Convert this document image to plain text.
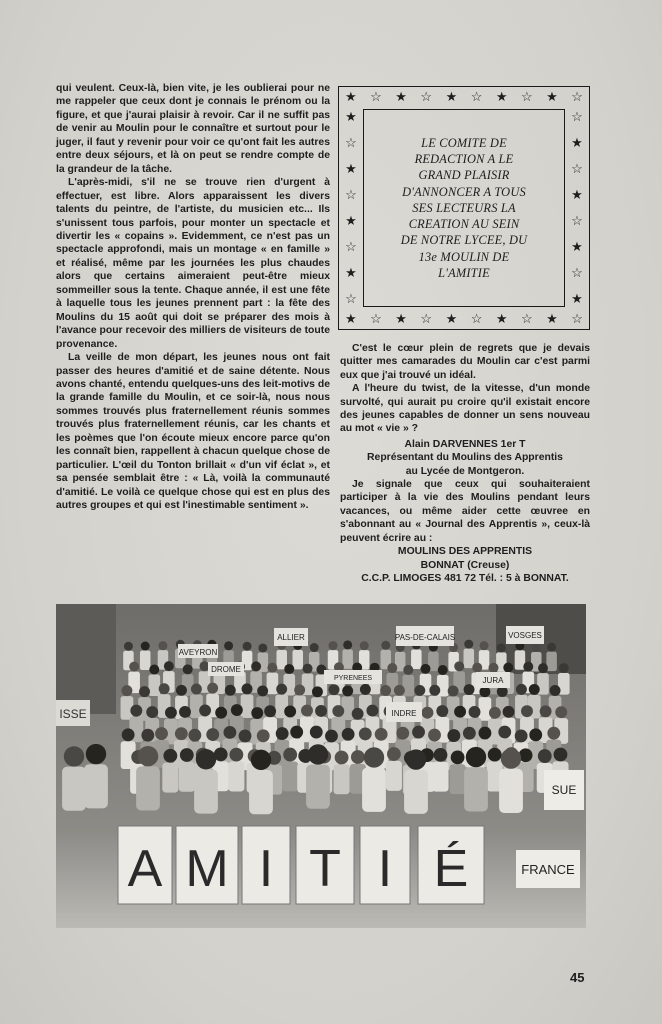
qui veulent. Ceux-là, bien vite, je les oublierai pour ne me rappeler que ceux dont je connais le prénom ou la figure, et que j'aurai plaisir à revoir. Car il ne suffit pas de venir au Moulin pour le connaître et surtout pour le juger, il faut y revenir pour voir ce qu'ont fait les autres entre deux séjours, et là on peut se rendre compte de la grandeur de la tâche.

L'après-midi, s'il ne se trouve rien d'urgent à effectuer, est libre. Alors apparaissent les divers talents du peintre, de l'artiste, du musicien etc... Ils s'unissent tous parfois, pour monter un spectacle et divertir les « copains ». Evidemment, ce n'est pas un spectacle approfondi, mais un montage « en famille » et réalisé, même par les journées les plus chaudes alors que certains aimeraient peut-être mieux sommeiller sous la tente. Chaque année, il est une fête à laquelle tous les jeunes prennent part : la fête des Moulins du 15 août qui doit se préparer des mois à l'avance pour recevoir des milliers de visiteurs de toute provenance.

La veille de mon départ, les jeunes nous ont fait passer des heures d'amitié et de saine détente. Nous avons chanté, entendu quelques-uns des leit-motivs de la grande famille du Moulin, et ce soir-là, nous nous sommes trouvés plus fraternellement réunis sommes trouvés plus fraternellement réunis, car les chants et les poèmes que l'on écoute mieux encore parce qu'on les connaît bien, rappellent à chacun quelque chose de particulier. L'œil du Tonton brillait « d'un vif éclat », et sa pensée semblait être : « Là, voilà la communauté d'amitié. Le voilà ce quelque chose qui est en plus des autres groupes et qui est l'inestimable sentiment ».

★ ☆ ★ ☆ ★ ☆ ★ ☆ ★ ☆
★
☆
★
☆
★
☆
★
☆
☆
★
☆
★
☆
★
☆
★
LE COMITE DE
REDACTION A LE
GRAND PLAISIR
D'ANNONCER A TOUS
SES LECTEURS LA
CREATION AU SEIN
DE NOTRE LYCEE, DU
13e MOULIN DE
L'AMITIE
★ ☆ ★ ☆ ★ ☆ ★ ☆ ★ ☆

C'est le cœur plein de regrets que je devais quitter mes camarades du Moulin car c'est parmi eux que j'ai trouvé un idéal.

A l'heure du twist, de la vitesse, d'un monde survolté, qui aurait pu croire qu'il existait encore des jeunes capables de donner un sens nouveau au mot « vie » ?

Alain DARVENNES 1er T
Représentant du Moulins des Apprentis
au Lycée de Montgeron.

Je signale que ceux qui souhaiteraient participer à la vie des Moulins pendant leurs vacances, ou même aider cette œuvree en s'abonnant au « Journal des Apprentis », ceux-là peuvent écrire au :

MOULINS DES APPRENTIS
BONNAT (Creuse)
C.C.P. LIMOGES 481 72 Tél. : 5 à BONNAT.
AVEYRON
ALLIER	PAS-DE-CALAIS	VOSGES
DROME
ISSE
FRANCE
SUE
JURA
INDRE
PYRENEES
A M I T I É
45
